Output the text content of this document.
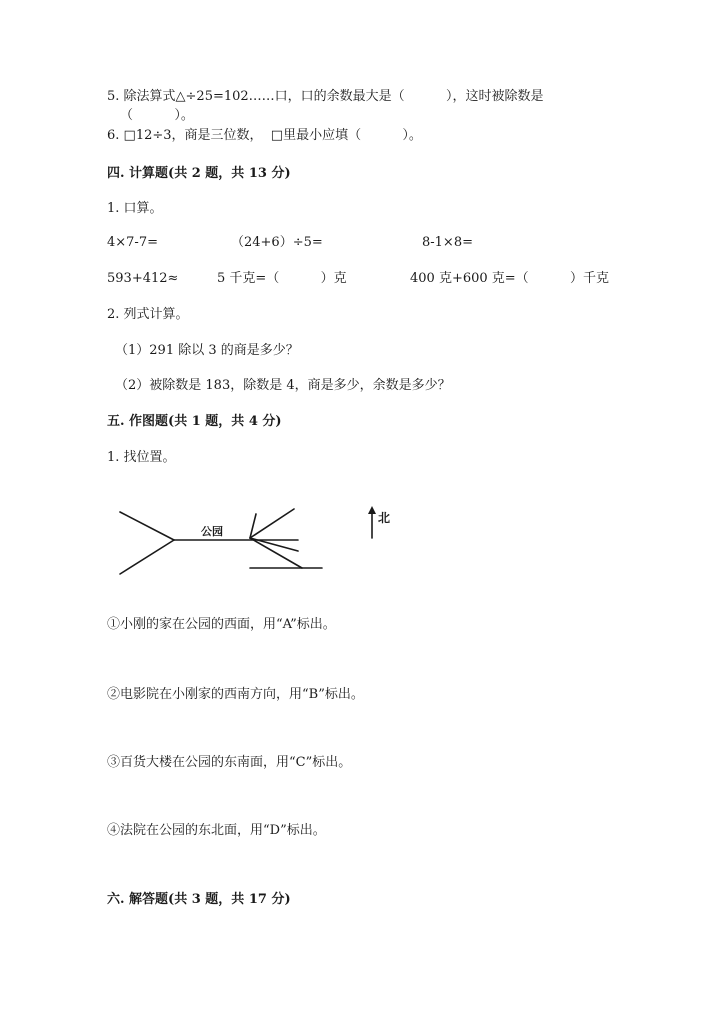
5. 除法算式△÷25=102……口，口的余数最大是（          ），这时被除数是
（          ）。
6. □12÷3，商是三位数，  □里最小应填（          ）。
四. 计算题(共 2 题，共 13 分)
1. 口算。
4×7-7=	（24+6）÷5=	8-1×8=
593+412≈	5 千克=（          ）克	400 克+600 克=（          ）千克
2. 列式计算。
（1）291 除以 3 的商是多少？
（2）被除数是 183，除数是 4，商是多少，余数是多少？
五. 作图题(共 1 题，共 4 分)
1. 找位置。
公园
北
①小刚的家在公园的西面，用“A”标出。
②电影院在小刚家的西南方向，用“B”标出。
③百货大楼在公园的东南面，用“C”标出。
④法院在公园的东北面，用“D”标出。
六. 解答题(共 3 题，共 17 分)
